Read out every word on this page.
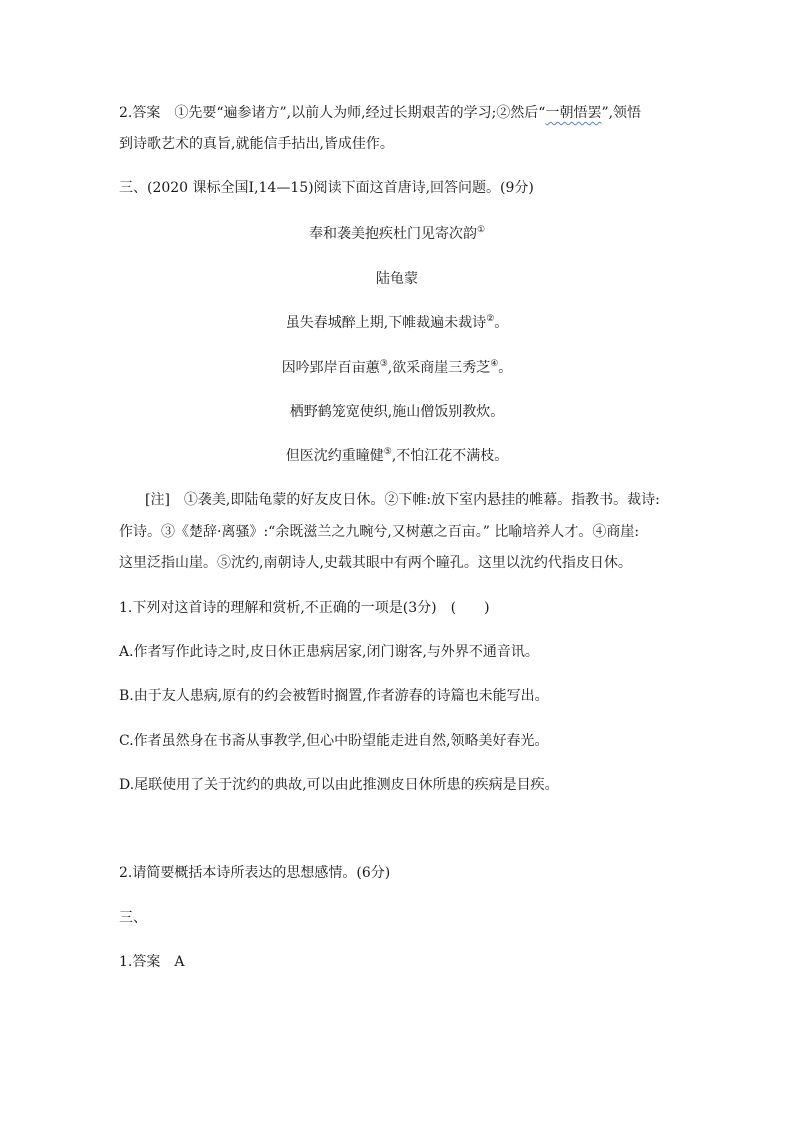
2.答案　①先要“遍参诸方”,以前人为师,经过长期艰苦的学习;②然后“一朝悟罢”,领悟
到诗歌艺术的真旨,就能信手拈出,皆成佳作。
三、(2020 课标全国Ⅰ,14—15)阅读下面这首唐诗,回答问题。(9分)
奉和袭美抱疾杜门见寄次韵①
陆龟蒙
虽失春城醉上期,下帷裁遍未裁诗②。
因吟郢岸百亩蕙③,欲采商崖三秀芝④。
栖野鹤笼宽使织,施山僧饭别教炊。
但医沈约重瞳健⑤,不怕江花不满枝。
[注]　①袭美,即陆龟蒙的好友皮日休。②下帷:放下室内悬挂的帷幕。指教书。裁诗:
作诗。③《楚辞·离骚》:“余既滋兰之九畹兮,又树蕙之百亩。” 比喻培养人才。④商崖:
这里泛指山崖。⑤沈约,南朝诗人,史载其眼中有两个瞳孔。这里以沈约代指皮日休。
1.下列对这首诗的理解和赏析,不正确的一项是(3分)　(　　)
A.作者写作此诗之时,皮日休正患病居家,闭门谢客,与外界不通音讯。
B.由于友人患病,原有的约会被暂时搁置,作者游春的诗篇也未能写出。
C.作者虽然身在书斋从事教学,但心中盼望能走进自然,领略美好春光。
D.尾联使用了关于沈约的典故,可以由此推测皮日休所患的疾病是目疾。
2.请简要概括本诗所表达的思想感情。(6分)
三、
1.答案　A
